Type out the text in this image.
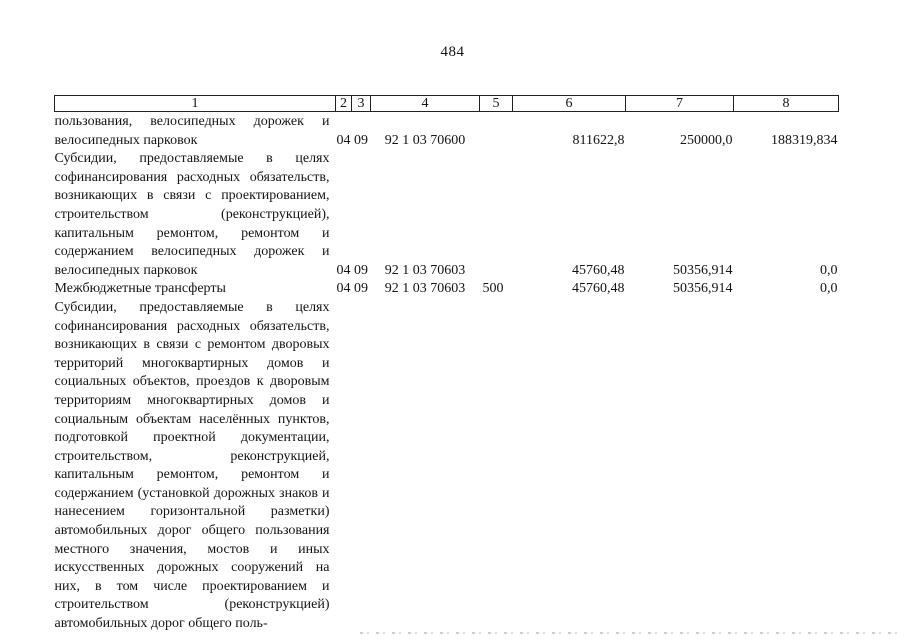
484
1	2	3	4	5	6	7	8
пользования, велосипедных дорожек и велосипедных парковок	04	09	92 1 03 70600		811622,8	250000,0	188319,834
Субсидии, предоставляемые в целях софинансирования расходных обязательств, возникающих в связи с проектированием, строительством (реконструкцией), капитальным ремонтом, ремонтом и содержанием велосипедных дорожек и велосипедных парковок	04	09	92 1 03 70603		45760,48	50356,914	0,0
Межбюджетные трансферты	04	09	92 1 03 70603	500	45760,48	50356,914	0,0
Субсидии, предоставляемые в целях софинансирования расходных обязательств, возникающих в связи с ремонтом дворовых территорий многоквартирных домов и социальных объектов, проездов к дворовым территориям многоквартирных домов и социальным объектам населённых пунктов, подготовкой проектной документации, строительством, реконструкцией, капитальным ремонтом, ремонтом и содержанием (установкой дорожных знаков и нанесением горизонтальной разметки) автомобильных дорог общего пользования местного значения, мостов и иных искусственных дорожных сооружений на них, в том числе проектированием и строительством (реконструкцией) автомобильных дорог общего поль-							
